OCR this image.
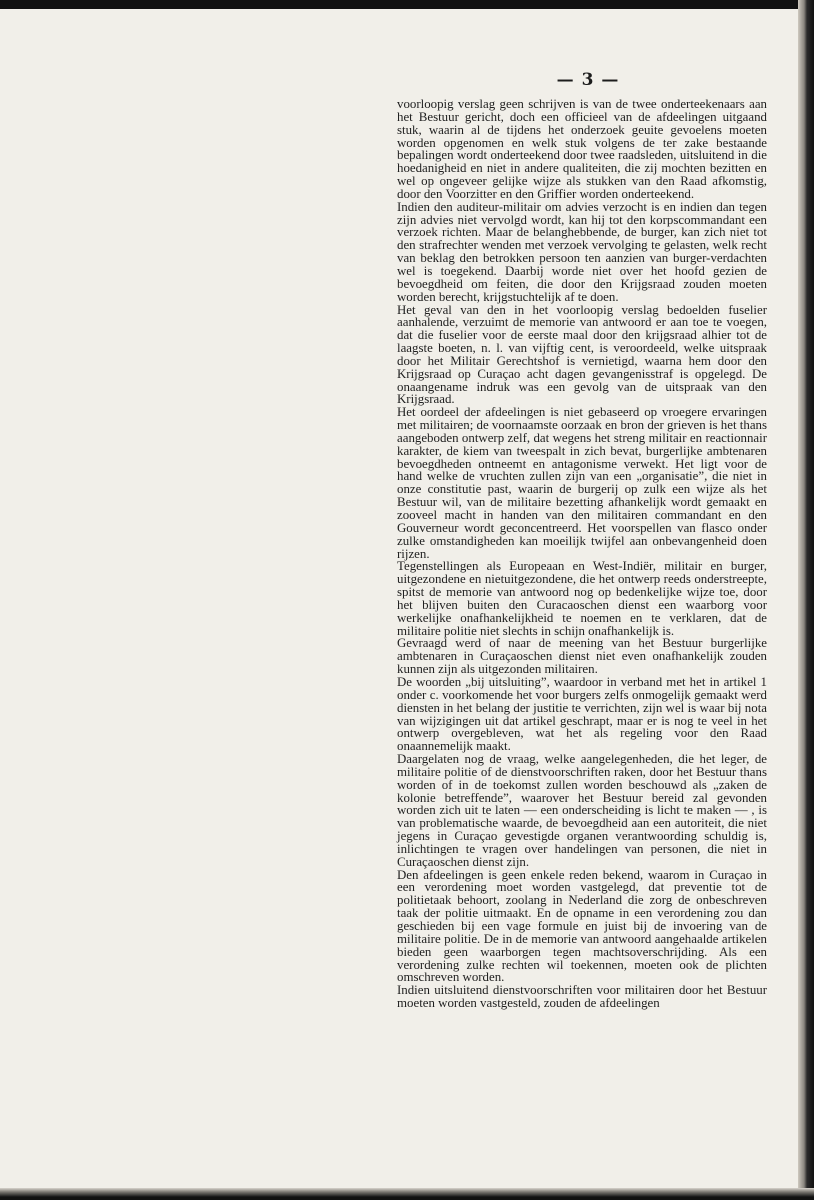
— 3 —

voorloopig verslag geen schrijven is van de twee onderteekenaars aan het Bestuur gericht, doch een officieel van de afdeelingen uitgaand stuk, waarin al de tijdens het onderzoek geuite gevoelens moeten worden opgenomen en welk stuk volgens de ter zake bestaande bepalingen wordt onderteekend door twee raadsleden, uitsluitend in die hoedanigheid en niet in andere qualiteiten, die zij mochten bezitten en wel op ongeveer gelijke wijze als stukken van den Raad afkomstig, door den Voorzitter en den Griffier worden onderteekend.

Indien den auditeur-militair om advies verzocht is en indien dan tegen zijn advies niet vervolgd wordt, kan hij tot den korpscommandant een verzoek richten. Maar de belanghebbende, de burger, kan zich niet tot den strafrechter wenden met verzoek vervolging te gelasten, welk recht van beklag den betrokken persoon ten aanzien van burger-verdachten wel is toegekend. Daarbij worde niet over het hoofd gezien de bevoegdheid om feiten, die door den Krijgsraad zouden moeten worden berecht, krijgstuchtelijk af te doen.

Het geval van den in het voorloopig verslag bedoelden fuselier aanhalende, verzuimt de memorie van antwoord er aan toe te voegen, dat die fuselier voor de eerste maal door den krijgsraad alhier tot de laagste boeten, n. l. van vijftig cent, is veroordeeld, welke uitspraak door het Militair Gerechtshof is vernietigd, waarna hem door den Krijgsraad op Curaçao acht dagen gevangenisstraf is opgelegd. De onaangename indruk was een gevolg van de uitspraak van den Krijgsraad.

Het oordeel der afdeelingen is niet gebaseerd op vroegere ervaringen met militairen; de voornaamste oorzaak en bron der grieven is het thans aangeboden ontwerp zelf, dat wegens het streng militair en reactionnair karakter, de kiem van tweespalt in zich bevat, burgerlijke ambtenaren bevoegdheden ontneemt en antagonisme verwekt. Het ligt voor de hand welke de vruchten zullen zijn van een „organisatie”, die niet in onze constitutie past, waarin de burgerij op zulk een wijze als het Bestuur wil, van de militaire bezetting afhankelijk wordt gemaakt en zooveel macht in handen van den militairen commandant en den Gouverneur wordt geconcentreerd. Het voorspellen van flasco onder zulke omstandigheden kan moeilijk twijfel aan onbevangenheid doen rijzen.

Tegenstellingen als Europeaan en West-Indiër, militair en burger, uitgezondene en nietuitgezondene, die het ontwerp reeds onderstreepte, spitst de memorie van antwoord nog op bedenkelijke wijze toe, door het blijven buiten den Curacaoschen dienst een waarborg voor werkelijke onafhankelijkheid te noemen en te verklaren, dat de militaire politie niet slechts in schijn onafhankelijk is.

Gevraagd werd of naar de meening van het Bestuur burgerlijke ambtenaren in Curaçaoschen dienst niet even onafhankelijk zouden kunnen zijn als uitgezonden militairen.

De woorden „bij uitsluiting”, waardoor in verband met het in artikel 1 onder c. voorkomende het voor burgers zelfs onmogelijk gemaakt werd diensten in het belang der justitie te verrichten, zijn wel is waar bij nota van wijzigingen uit dat artikel geschrapt, maar er is nog te veel in het ontwerp overgebleven, wat het als regeling voor den Raad onaannemelijk maakt.

Daargelaten nog de vraag, welke aangelegenheden, die het leger, de militaire politie of de dienstvoorschriften raken, door het Bestuur thans worden of in de toekomst zullen worden beschouwd als „zaken de kolonie betreffende”, waarover het Bestuur bereid zal gevonden worden zich uit te laten — een onderscheiding is licht te maken — , is van problematische waarde, de bevoegdheid aan een autoriteit, die niet jegens in Curaçao gevestigde organen verantwoording schuldig is, inlichtingen te vragen over handelingen van personen, die niet in Curaçaoschen dienst zijn.

Den afdeelingen is geen enkele reden bekend, waarom in Curaçao in een verordening moet worden vastgelegd, dat preventie tot de politietaak behoort, zoolang in Nederland die zorg de onbeschreven taak der politie uitmaakt. En de opname in een verordening zou dan geschieden bij een vage formule en juist bij de invoering van de militaire politie. De in de memorie van antwoord aangehaalde artikelen bieden geen waarborgen tegen machtsoverschrijding. Als een verordening zulke rechten wil toekennen, moeten ook de plichten omschreven worden.

Indien uitsluitend dienstvoorschriften voor militairen door het Bestuur moeten worden vastgesteld, zouden de afdeelingen
